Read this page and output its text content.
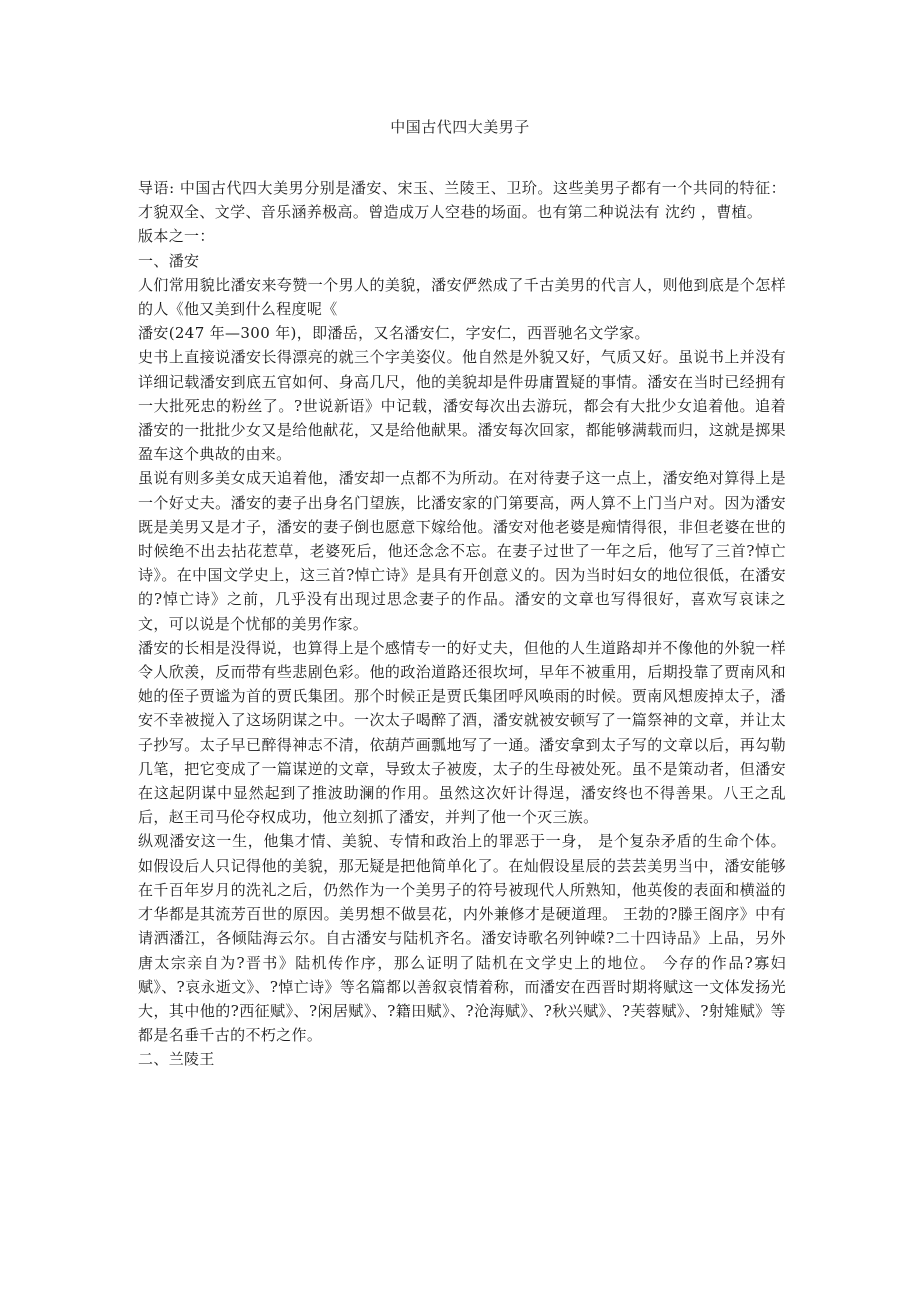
中国古代四大美男子

导语: 中国古代四大美男分别是潘安、宋玉、兰陵王、卫玠。这些美男子都有一个共同的特征：才貌双全、文学、音乐涵养极高。曾造成万人空巷的场面。也有第二种说法有 沈约 ，曹植。

版本之一：

一、潘安

人们常用貌比潘安来夸赞一个男人的美貌，潘安俨然成了千古美男的代言人，则他到底是个怎样的人《他又美到什么程度呢《

潘安(247 年—300 年)，即潘岳，又名潘安仁，字安仁，西晋驰名文学家。

史书上直接说潘安长得漂亮的就三个字美姿仪。他自然是外貌又好，气质又好。虽说书上并没有详细记载潘安到底五官如何、身高几尺，他的美貌却是件毋庸置疑的事情。潘安在当时已经拥有一大批死忠的粉丝了。?世说新语》中记载，潘安每次出去游玩，都会有大批少女追着他。追着潘安的一批批少女又是给他献花，又是给他献果。潘安每次回家，都能够满载而归，这就是掷果盈车这个典故的由来。

虽说有则多美女成天追着他，潘安却一点都不为所动。在对待妻子这一点上，潘安绝对算得上是一个好丈夫。潘安的妻子出身名门望族，比潘安家的门第要高，两人算不上门当户对。因为潘安既是美男又是才子，潘安的妻子倒也愿意下嫁给他。潘安对他老婆是痴情得很，非但老婆在世的时候绝不出去拈花惹草，老婆死后，他还念念不忘。在妻子过世了一年之后，他写了三首?悼亡诗》。在中国文学史上，这三首?悼亡诗》是具有开创意义的。因为当时妇女的地位很低，在潘安的?悼亡诗》之前，几乎没有出现过思念妻子的作品。潘安的文章也写得很好，喜欢写哀诔之文，可以说是个忧郁的美男作家。

潘安的长相是没得说，也算得上是个感情专一的好丈夫，但他的人生道路却并不像他的外貌一样令人欣羡，反而带有些悲剧色彩。他的政治道路还很坎坷，早年不被重用，后期投靠了贾南风和她的侄子贾谧为首的贾氏集团。那个时候正是贾氏集团呼风唤雨的时候。贾南风想废掉太子，潘安不幸被搅入了这场阴谋之中。一次太子喝醉了酒，潘安就被安顿写了一篇祭神的文章，并让太子抄写。太子早已醉得神志不清，依葫芦画瓢地写了一通。潘安拿到太子写的文章以后，再勾勒几笔，把它变成了一篇谋逆的文章，导致太子被废，太子的生母被处死。虽不是策动者，但潘安在这起阴谋中显然起到了推波助澜的作用。虽然这次奸计得逞，潘安终也不得善果。八王之乱后，赵王司马伦夺权成功，他立刻抓了潘安，并判了他一个灭三族。

纵观潘安这一生，他集才情、美貌、专情和政治上的罪恶于一身， 是个复杂矛盾的生命个体。如假设后人只记得他的美貌，那无疑是把他简单化了。在灿假设星辰的芸芸美男当中，潘安能够在千百年岁月的洗礼之后，仍然作为一个美男子的符号被现代人所熟知，他英俊的表面和横溢的才华都是其流芳百世的原因。美男想不做昙花，内外兼修才是硬道理。 王勃的?滕王阁序》中有请洒潘江，各倾陆海云尔。自古潘安与陆机齐名。潘安诗歌名列钟嵘?二十四诗品》上品，另外唐太宗亲自为?晋书》陆机传作序，那么证明了陆机在文学史上的地位。 今存的作品?寡妇赋》、?哀永逝文》、?悼亡诗》等名篇都以善叙哀情着称，而潘安在西晋时期将赋这一文体发扬光大，其中他的?西征赋》、?闲居赋》、?籍田赋》、?沧海赋》、?秋兴赋》、?芙蓉赋》、?射雉赋》等都是名垂千古的不朽之作。

二、兰陵王
